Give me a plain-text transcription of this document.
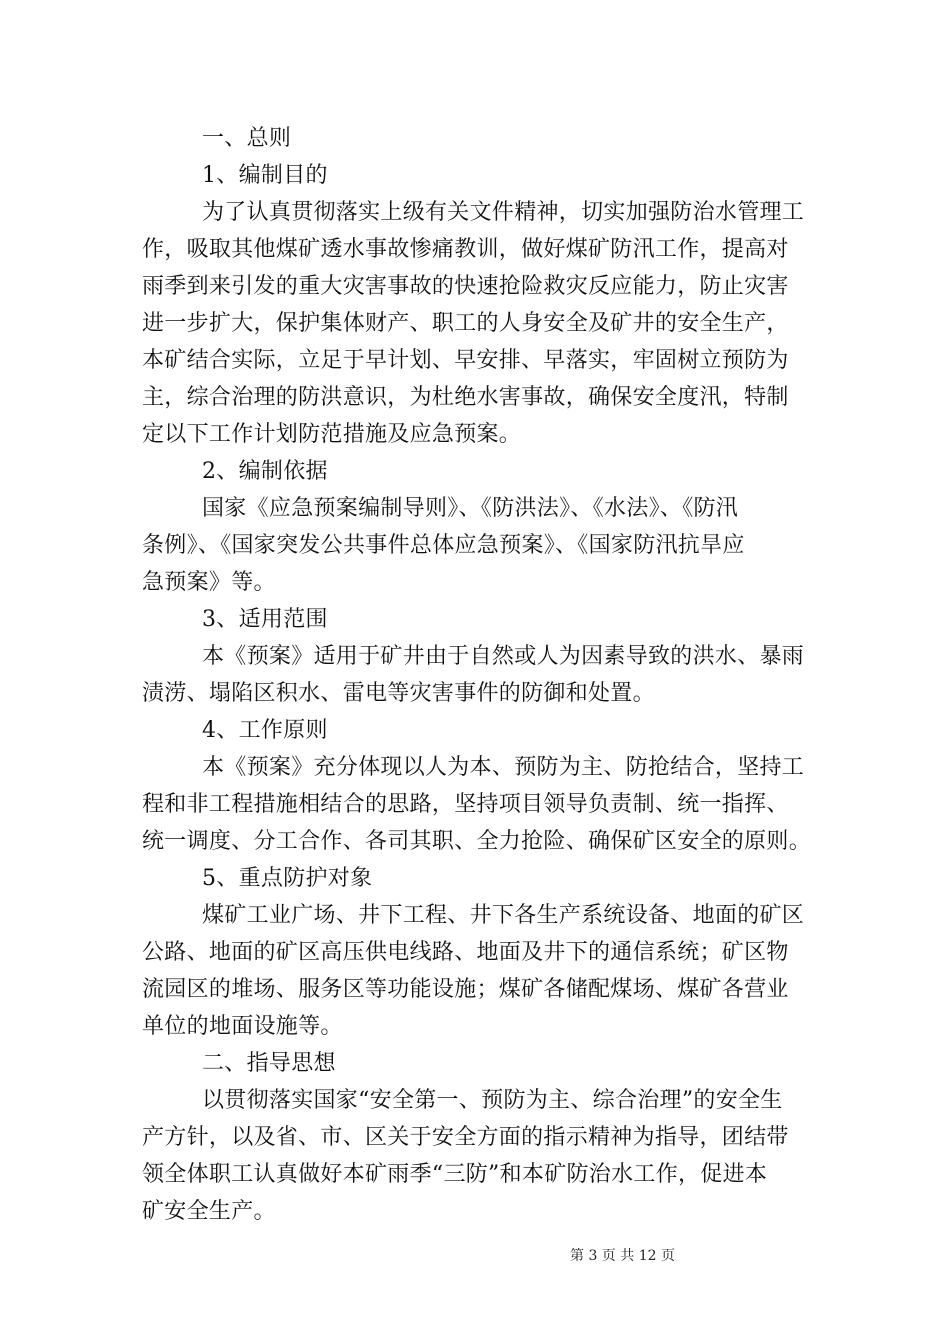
一、总则
1、编制目的
为了认真贯彻落实上级有关文件精神，切实加强防治水管理工
作，吸取其他煤矿透水事故惨痛教训，做好煤矿防汛工作，提高对
雨季到来引发的重大灾害事故的快速抢险救灾反应能力，防止灾害
进一步扩大，保护集体财产、职工的人身安全及矿井的安全生产，
本矿结合实际，立足于早计划、早安排、早落实，牢固树立预防为
主，综合治理的防洪意识，为杜绝水害事故，确保安全度汛，特制
定以下工作计划防范措施及应急预案。
2、编制依据
国家《应急预案编制导则》、《防洪法》、《水法》、《防汛
条例》、《国家突发公共事件总体应急预案》、《国家防汛抗旱应
急预案》等。
3、适用范围
本《预案》适用于矿井由于自然或人为因素导致的洪水、暴雨
渍涝、塌陷区积水、雷电等灾害事件的防御和处置。
4、工作原则
本《预案》充分体现以人为本、预防为主、防抢结合，坚持工
程和非工程措施相结合的思路，坚持项目领导负责制、统一指挥、
统一调度、分工合作、各司其职、全力抢险、确保矿区安全的原则。
5、重点防护对象
煤矿工业广场、井下工程、井下各生产系统设备、地面的矿区
公路、地面的矿区高压供电线路、地面及井下的通信系统；矿区物
流园区的堆场、服务区等功能设施；煤矿各储配煤场、煤矿各营业
单位的地面设施等。
二、指导思想
以贯彻落实国家“安全第一、预防为主、综合治理”的安全生
产方针，以及省、市、区关于安全方面的指示精神为指导，团结带
领全体职工认真做好本矿雨季“三防”和本矿防治水工作，促进本
矿安全生产。
第 3 页 共 12 页
